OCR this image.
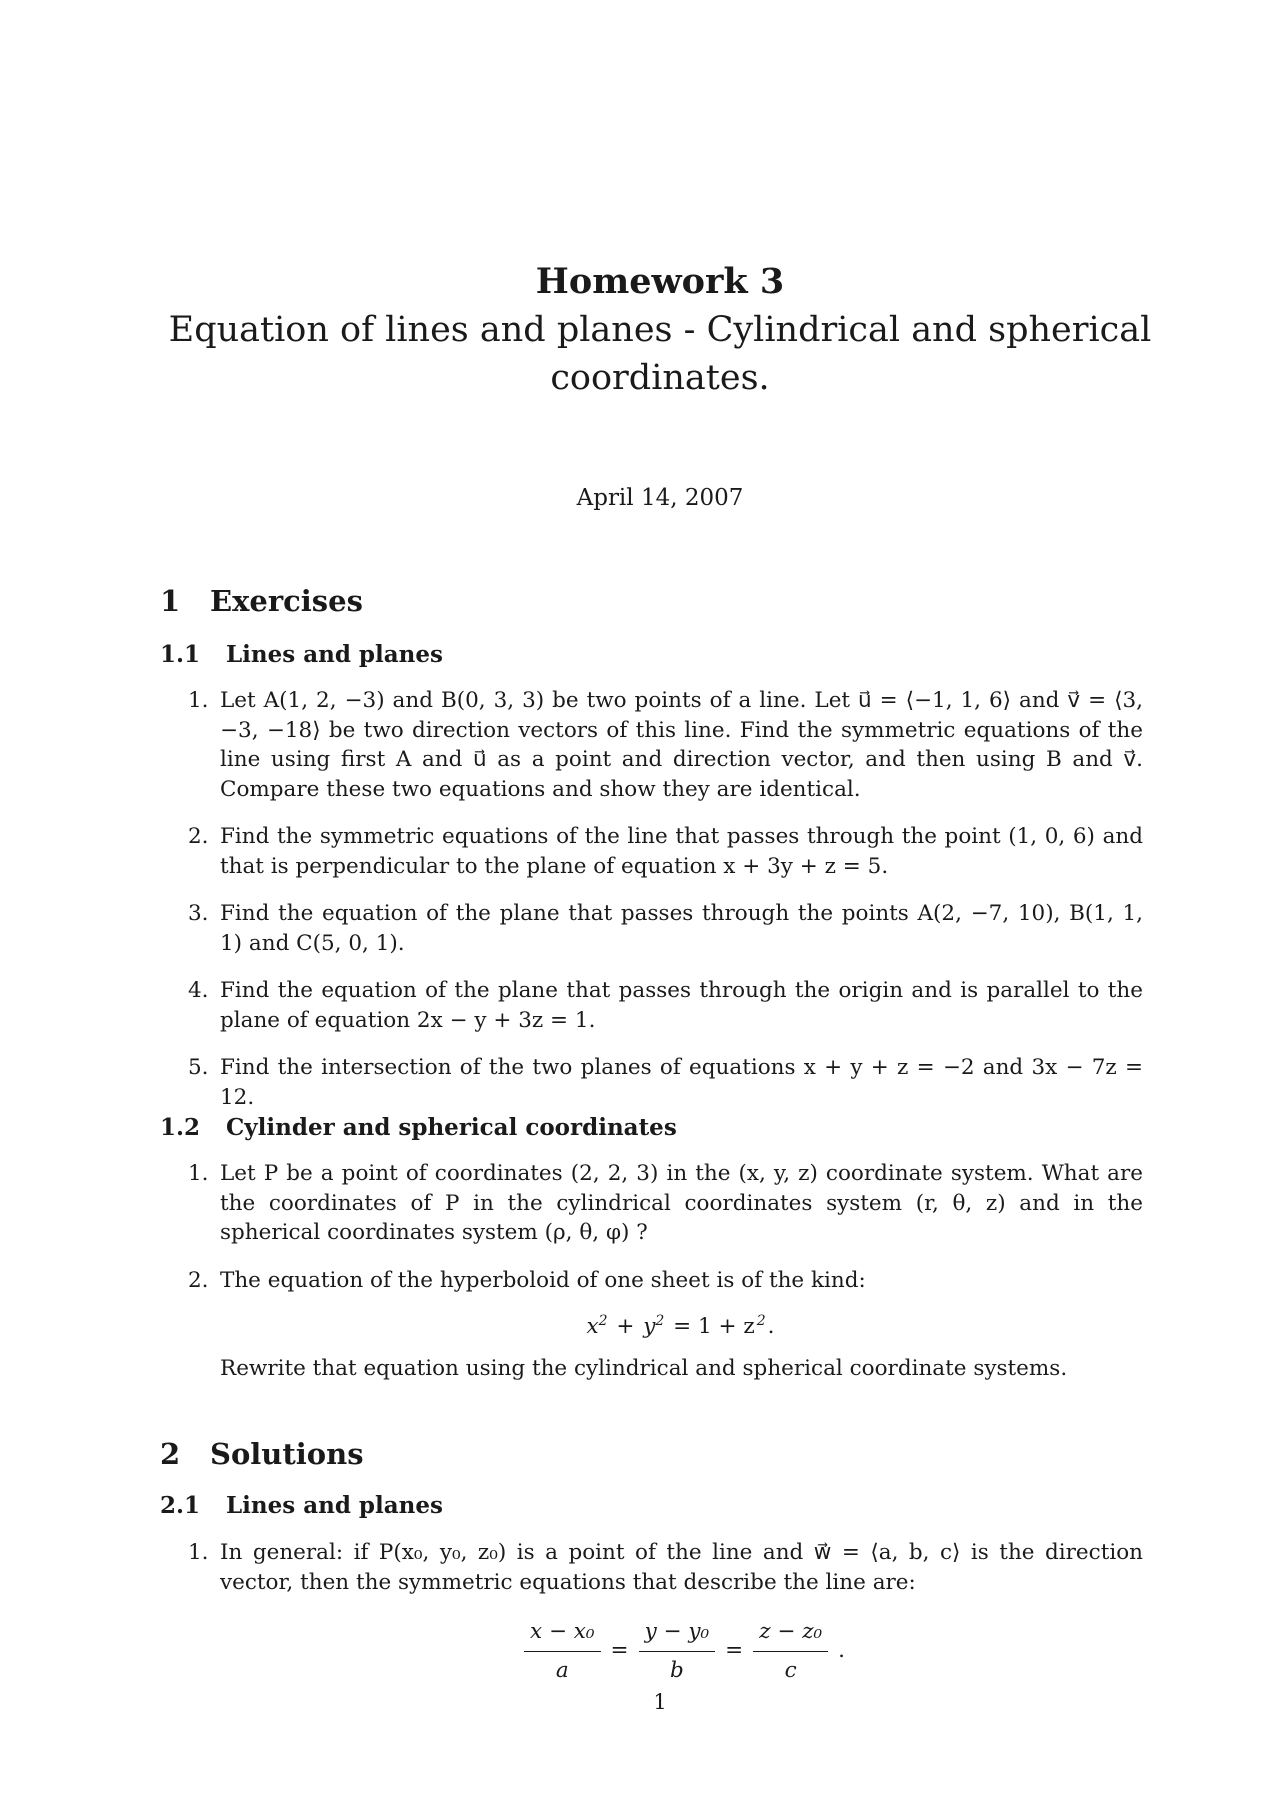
Homework 3
Equation of lines and planes - Cylindrical and spherical
coordinates.
April 14, 2007
1 Exercises
1.1 Lines and planes
1. Let A(1, 2, −3) and B(0, 3, 3) be two points of a line. Let u⃗ = ⟨−1, 1, 6⟩ and v⃗ = ⟨3, −3, −18⟩ be two direction vectors of this line. Find the symmetric equations of the line using first A and u⃗ as a point and direction vector, and then using B and v⃗. Compare these two equations and show they are identical.
2. Find the symmetric equations of the line that passes through the point (1, 0, 6) and that is perpendicular to the plane of equation x + 3y + z = 5.
3. Find the equation of the plane that passes through the points A(2, −7, 10), B(1, 1, 1) and C(5, 0, 1).
4. Find the equation of the plane that passes through the origin and is parallel to the plane of equation 2x − y + 3z = 1.
5. Find the intersection of the two planes of equations x + y + z = −2 and 3x − 7z = 12.
1.2 Cylinder and spherical coordinates
1. Let P be a point of coordinates (2, 2, 3) in the (x, y, z) coordinate system. What are the coordinates of P in the cylindrical coordinates system (r, θ, z) and in the spherical coordinates system (ρ, θ, φ) ?
2. The equation of the hyperboloid of one sheet is of the kind:
$x^2 + y^2 = 1 + z$ $^2$.
Rewrite that equation using the cylindrical and spherical coordinate systems.
2 Solutions
2.1 Lines and planes
1. In general: if P(x₀, y₀, z₀) is a point of the line and w⃗ = ⟨a, b, c⟩ is the direction vector, then the symmetric equations that describe the line are:
$\frac{\text{x − x₀}}{a} = \frac{\text{y − y₀}}{b} = \frac{\text{z − z₀}}{c}$ .
1
